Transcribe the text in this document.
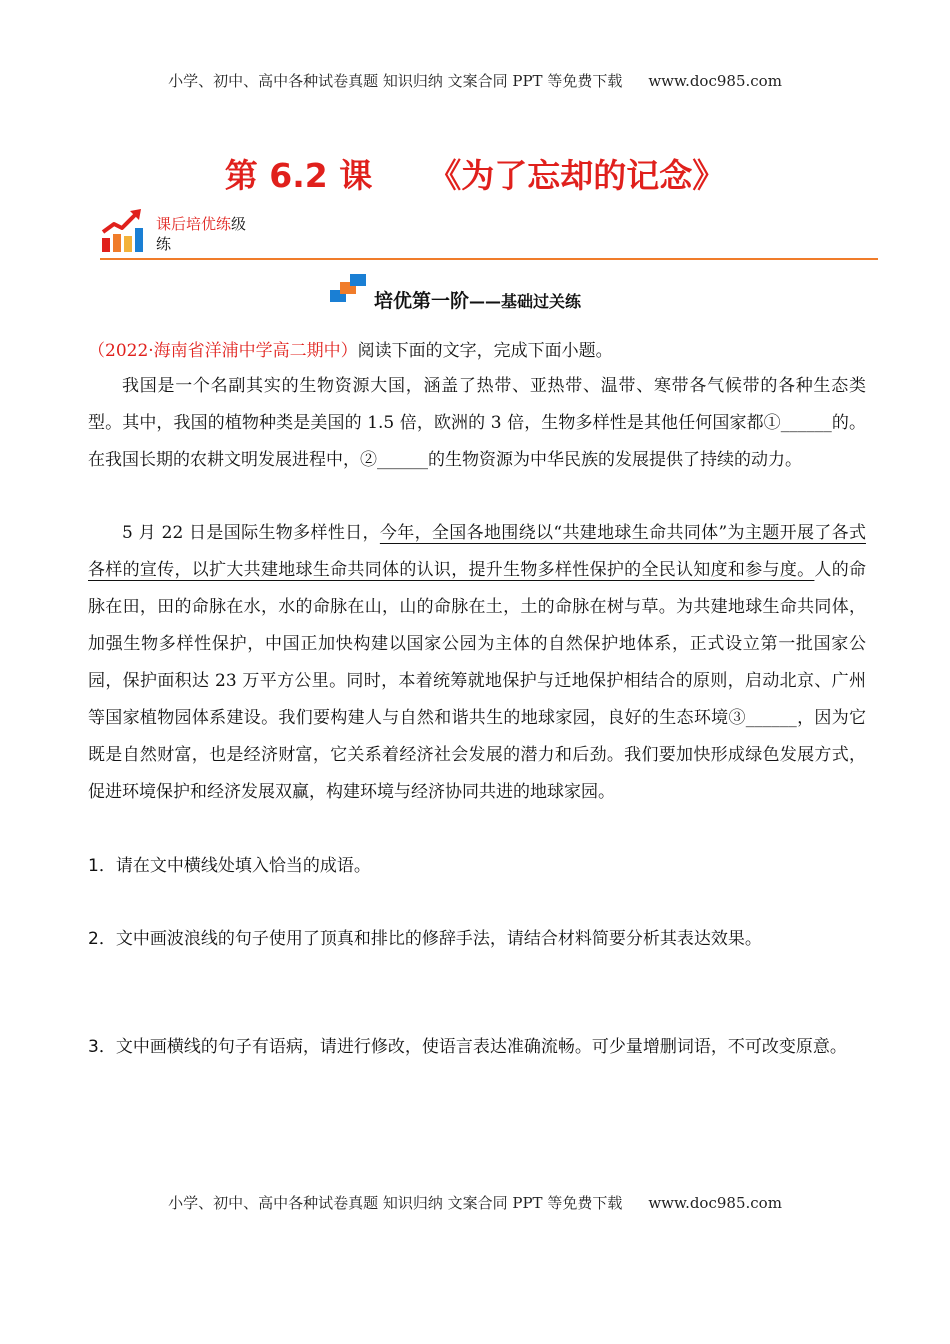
小学、初中、高中各种试卷真题 知识归纳 文案合同 PPT 等免费下载 www.doc985.com
第 6.2 课 《为了忘却的记念》
课后培优练级
练
培优第一阶——基础过关练
（2022·海南省洋浦中学高二期中）阅读下面的文字，完成下面小题。
我国是一个名副其实的生物资源大国，涵盖了热带、亚热带、温带、寒带各气候带的各种生态类型。其中，我国的植物种类是美国的 1.5 倍，欧洲的 3 倍，生物多样性是其他任何国家都①______的。在我国长期的农耕文明发展进程中，②______的生物资源为中华民族的发展提供了持续的动力。
5 月 22 日是国际生物多样性日，今年，全国各地围绕以“共建地球生命共同体”为主题开展了各式各样的宣传，以扩大共建地球生命共同体的认识，提升生物多样性保护的全民认知度和参与度。人的命脉在田，田的命脉在水，水的命脉在山，山的命脉在土，土的命脉在树与草。为共建地球生命共同体，加强生物多样性保护，中国正加快构建以国家公园为主体的自然保护地体系，正式设立第一批国家公园，保护面积达 23 万平方公里。同时，本着统筹就地保护与迁地保护相结合的原则，启动北京、广州等国家植物园体系建设。我们要构建人与自然和谐共生的地球家园，良好的生态环境③______，因为它既是自然财富，也是经济财富，它关系着经济社会发展的潜力和后劲。我们要加快形成绿色发展方式，促进环境保护和经济发展双赢，构建环境与经济协同共进的地球家园。
1．请在文中横线处填入恰当的成语。
2．文中画波浪线的句子使用了顶真和排比的修辞手法，请结合材料简要分析其表达效果。
3．文中画横线的句子有语病，请进行修改，使语言表达准确流畅。可少量增删词语，不可改变原意。
小学、初中、高中各种试卷真题 知识归纳 文案合同 PPT 等免费下载 www.doc985.com
